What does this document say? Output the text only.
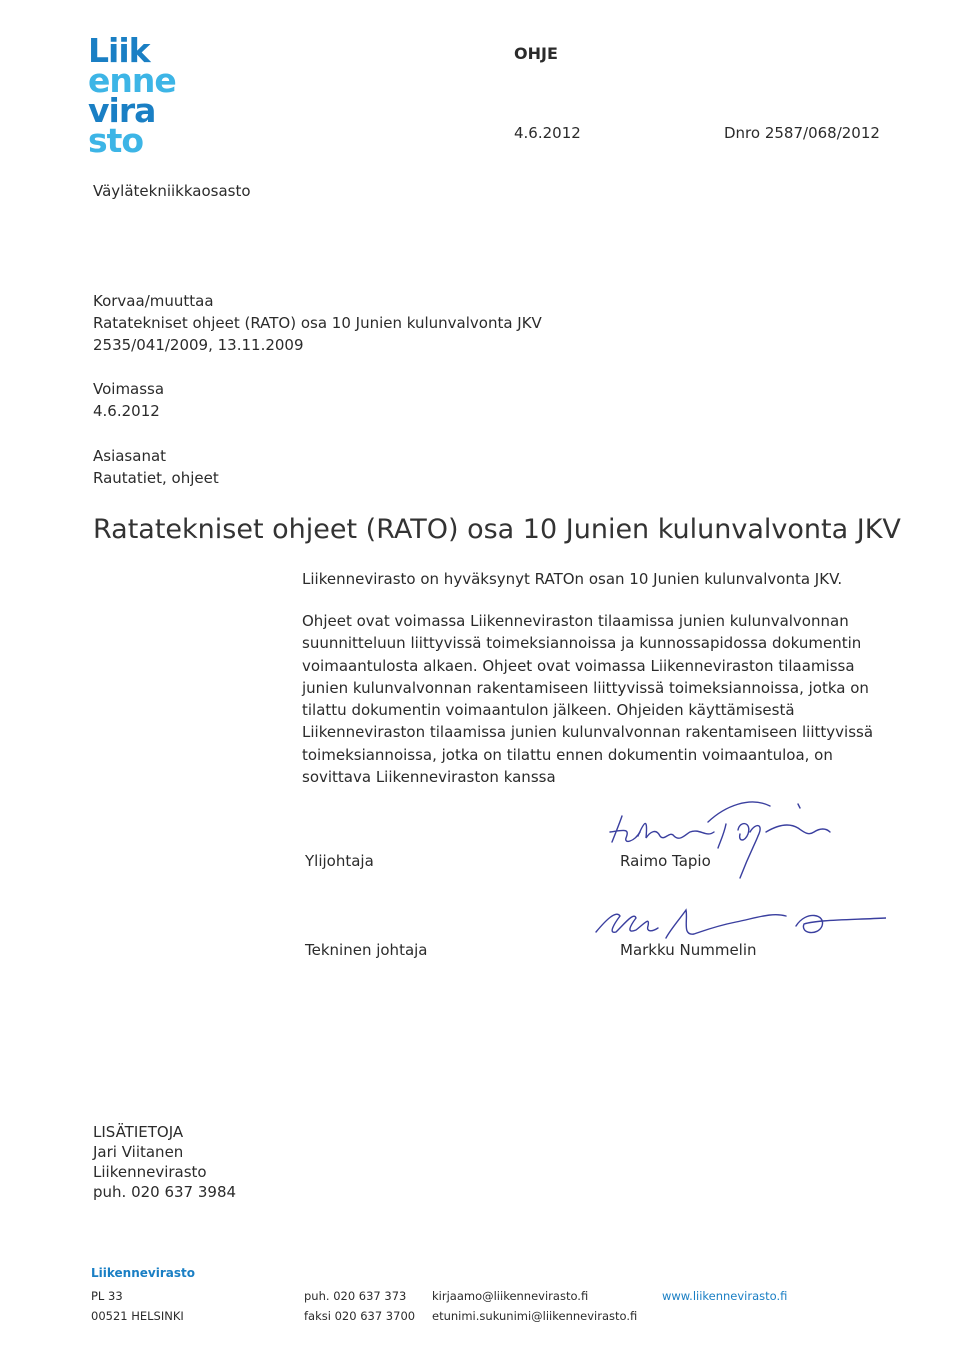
Liik
enne
vira
sto
OHJE
4.6.2012	Dnro 2587/068/2012
Väylätekniikkaosasto
Korvaa/muuttaa
Ratatekniset ohjeet (RATO) osa 10 Junien kulunvalvonta JKV
2535/041/2009, 13.11.2009
Voimassa
4.6.2012
Asiasanat
Rautatiet, ohjeet
Ratatekniset ohjeet (RATO) osa 10 Junien kulunvalvonta JKV
Liikennevirasto on hyväksynyt RATOn osan 10 Junien kulunvalvonta JKV.
Ohjeet ovat voimassa Liikenneviraston tilaamissa junien kulunvalvonnan suunnitteluun liittyvissä toimeksiannoissa ja kunnossapidossa dokumentin voimaantulosta alkaen. Ohjeet ovat voimassa Liikenneviraston tilaamissa junien kulunvalvonnan rakentamiseen liittyvissä toimeksiannoissa, jotka on tilattu dokumentin voimaantulon jälkeen. Ohjeiden käyttämisestä Liikenneviraston tilaamissa junien kulunvalvonnan rakentamiseen liittyvissä toimeksiannoissa, jotka on tilattu ennen dokumentin voimaantuloa, on sovittava Liikenneviraston kanssa
Ylijohtaja	Raimo Tapio
Tekninen johtaja	Markku Nummelin
LISÄTIETOJA
Jari Viitanen
Liikennevirasto
puh. 020 637 3984
Liikennevirasto
PL 33
00521 HELSINKI
puh. 020 637 373
faksi 020 637 3700
kirjaamo@liikennevirasto.fi
etunimi.sukunimi@liikennevirasto.fi
www.liikennevirasto.fi
